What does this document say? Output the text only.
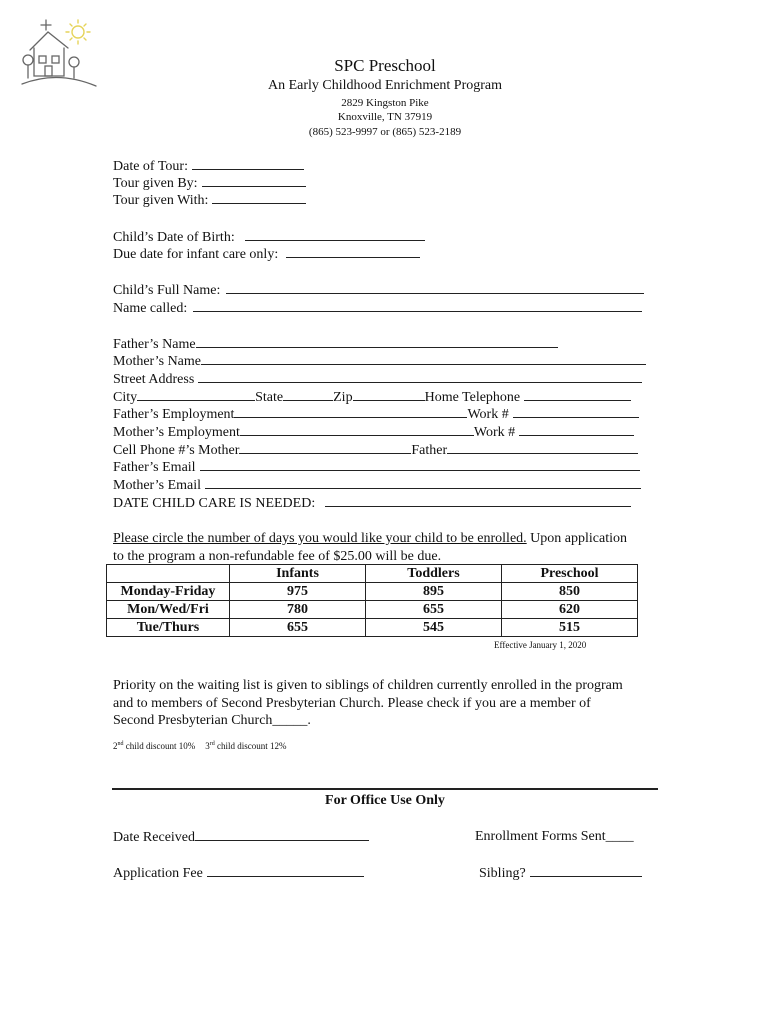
SPC Preschool
An Early Childhood Enrichment Program
2829 Kingston Pike
Knoxville, TN 37919
(865) 523-9997 or (865) 523-2189
Date of Tour:
Tour given By:
Tour given With:
Child’s Date of Birth:
Due date for infant care only:
Child’s Full Name:
Name called:
Father’s Name
Mother’s Name
Street Address
City	State	Zip	Home Telephone
Father’s Employment	Work #
Mother’s Employment	Work #
Cell Phone #’s Mother	Father
Father’s Email
Mother’s Email
DATE CHILD CARE IS NEEDED:
Please circle the number of days you would like your child to be enrolled. Upon application to the program a non-refundable fee of $25.00 will be due.
	Infants	Toddlers	Preschool
Monday-Friday	975	895	850
Mon/Wed/Fri	780	655	620
Tue/Thurs	655	545	515
Effective January 1, 2020
Priority on the waiting list is given to siblings of children currently enrolled in the program and to members of Second Presbyterian Church. Please check if you are a member of Second Presbyterian Church_____.
2nd child discount 10% 3rd child discount 12%
For Office Use Only
Date Received	Enrollment Forms Sent____
Application Fee	Sibling?
